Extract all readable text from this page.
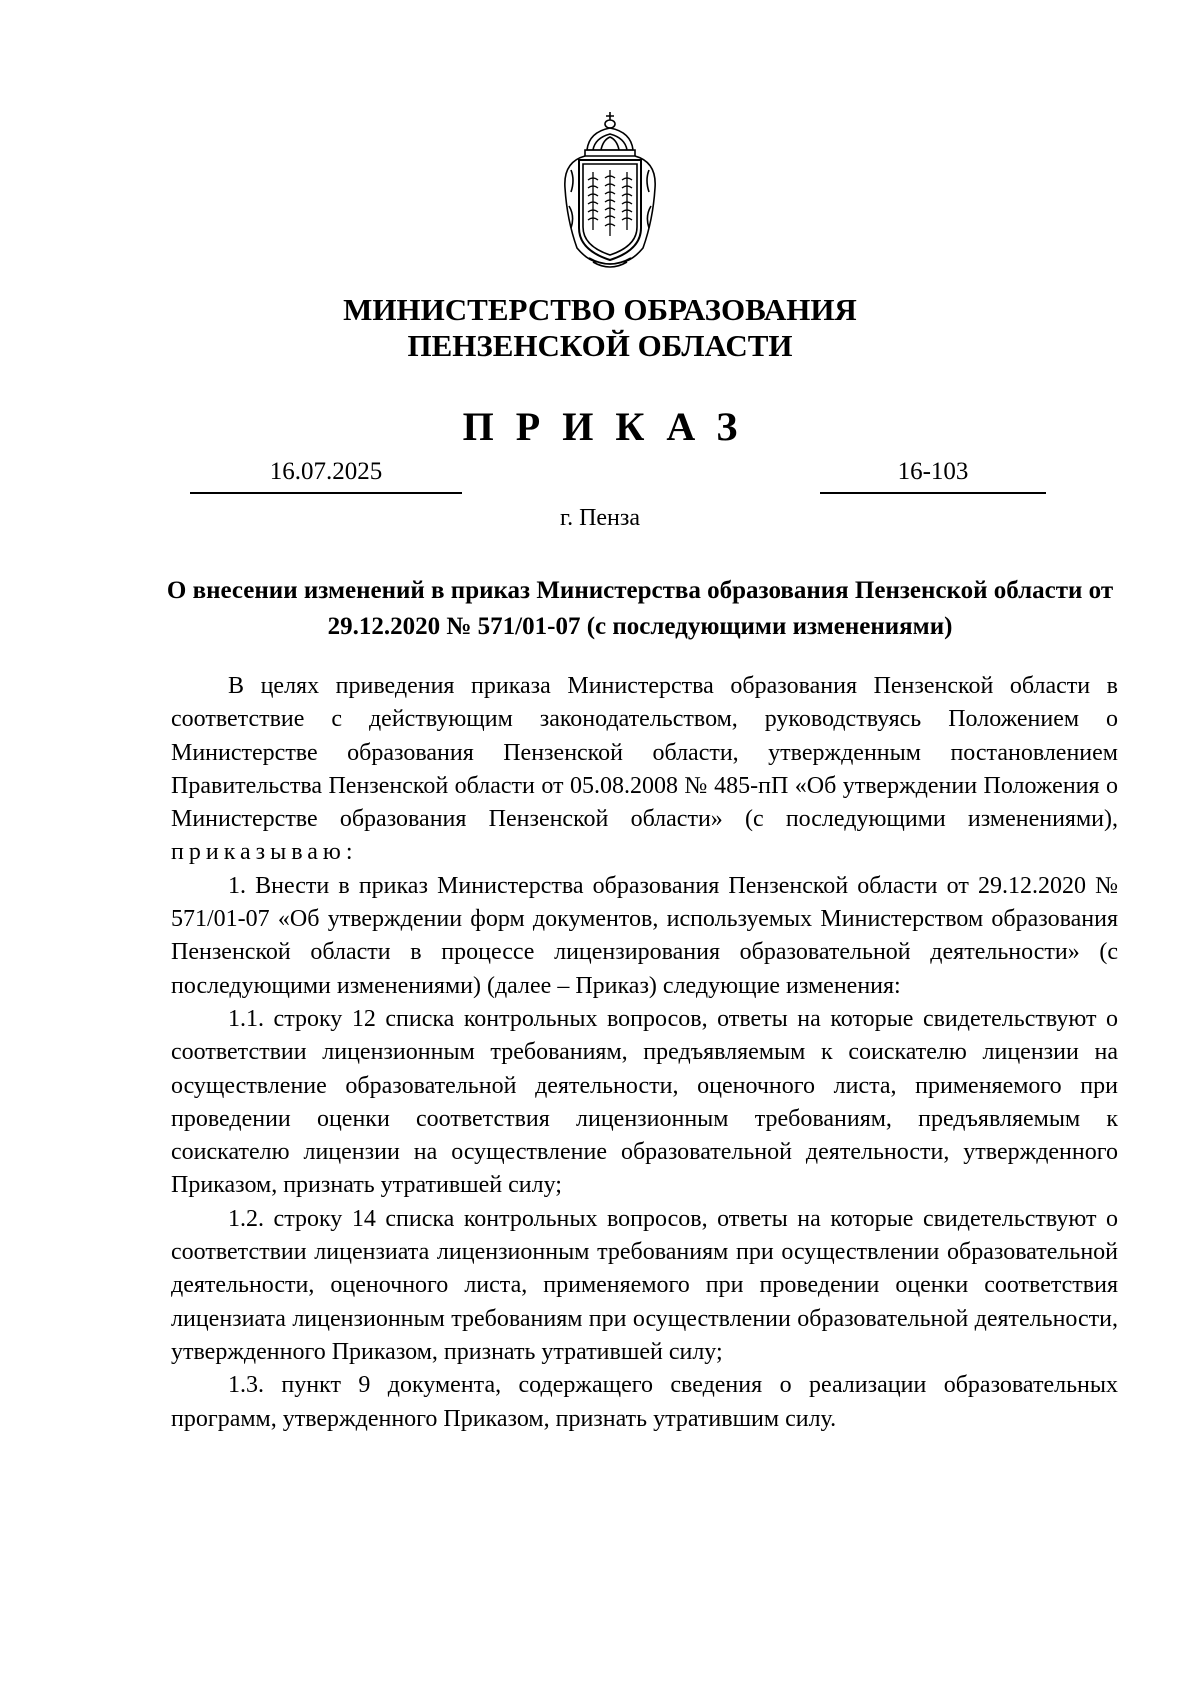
МИНИСТЕРСТВО ОБРАЗОВАНИЯ
ПЕНЗЕНСКОЙ ОБЛАСТИ
ПРИКАЗ
16.07.2025	16-103
г. Пенза
О внесении изменений в приказ Министерства образования Пензенской области от 29.12.2020 № 571/01-07 (с последующими изменениями)

В целях приведения приказа Министерства образования Пензенской области в соответствие с действующим законодательством, руководствуясь Положением о Министерстве образования Пензенской области, утвержденным постановлением Правительства Пензенской области от 05.08.2008 № 485-пП «Об утверждении Положения о Министерстве образования Пензенской области» (с последующими изменениями), приказываю:

1. Внести в приказ Министерства образования Пензенской области от 29.12.2020 № 571/01-07 «Об утверждении форм документов, используемых Министерством образования Пензенской области в процессе лицензирования образовательной деятельности» (с последующими изменениями) (далее – Приказ) следующие изменения:

1.1. строку 12 списка контрольных вопросов, ответы на которые свидетельствуют о соответствии лицензионным требованиям, предъявляемым к соискателю лицензии на осуществление образовательной деятельности, оценочного листа, применяемого при проведении оценки соответствия лицензионным требованиям, предъявляемым к соискателю лицензии на осуществление образовательной деятельности, утвержденного Приказом, признать утратившей силу;

1.2. строку 14 списка контрольных вопросов, ответы на которые свидетельствуют о соответствии лицензиата лицензионным требованиям при осуществлении образовательной деятельности, оценочного листа, применяемого при проведении оценки соответствия лицензиата лицензионным требованиям при осуществлении образовательной деятельности, утвержденного Приказом, признать утратившей силу;

1.3. пункт 9 документа, содержащего сведения о реализации образовательных программ, утвержденного Приказом, признать утратившим силу.
